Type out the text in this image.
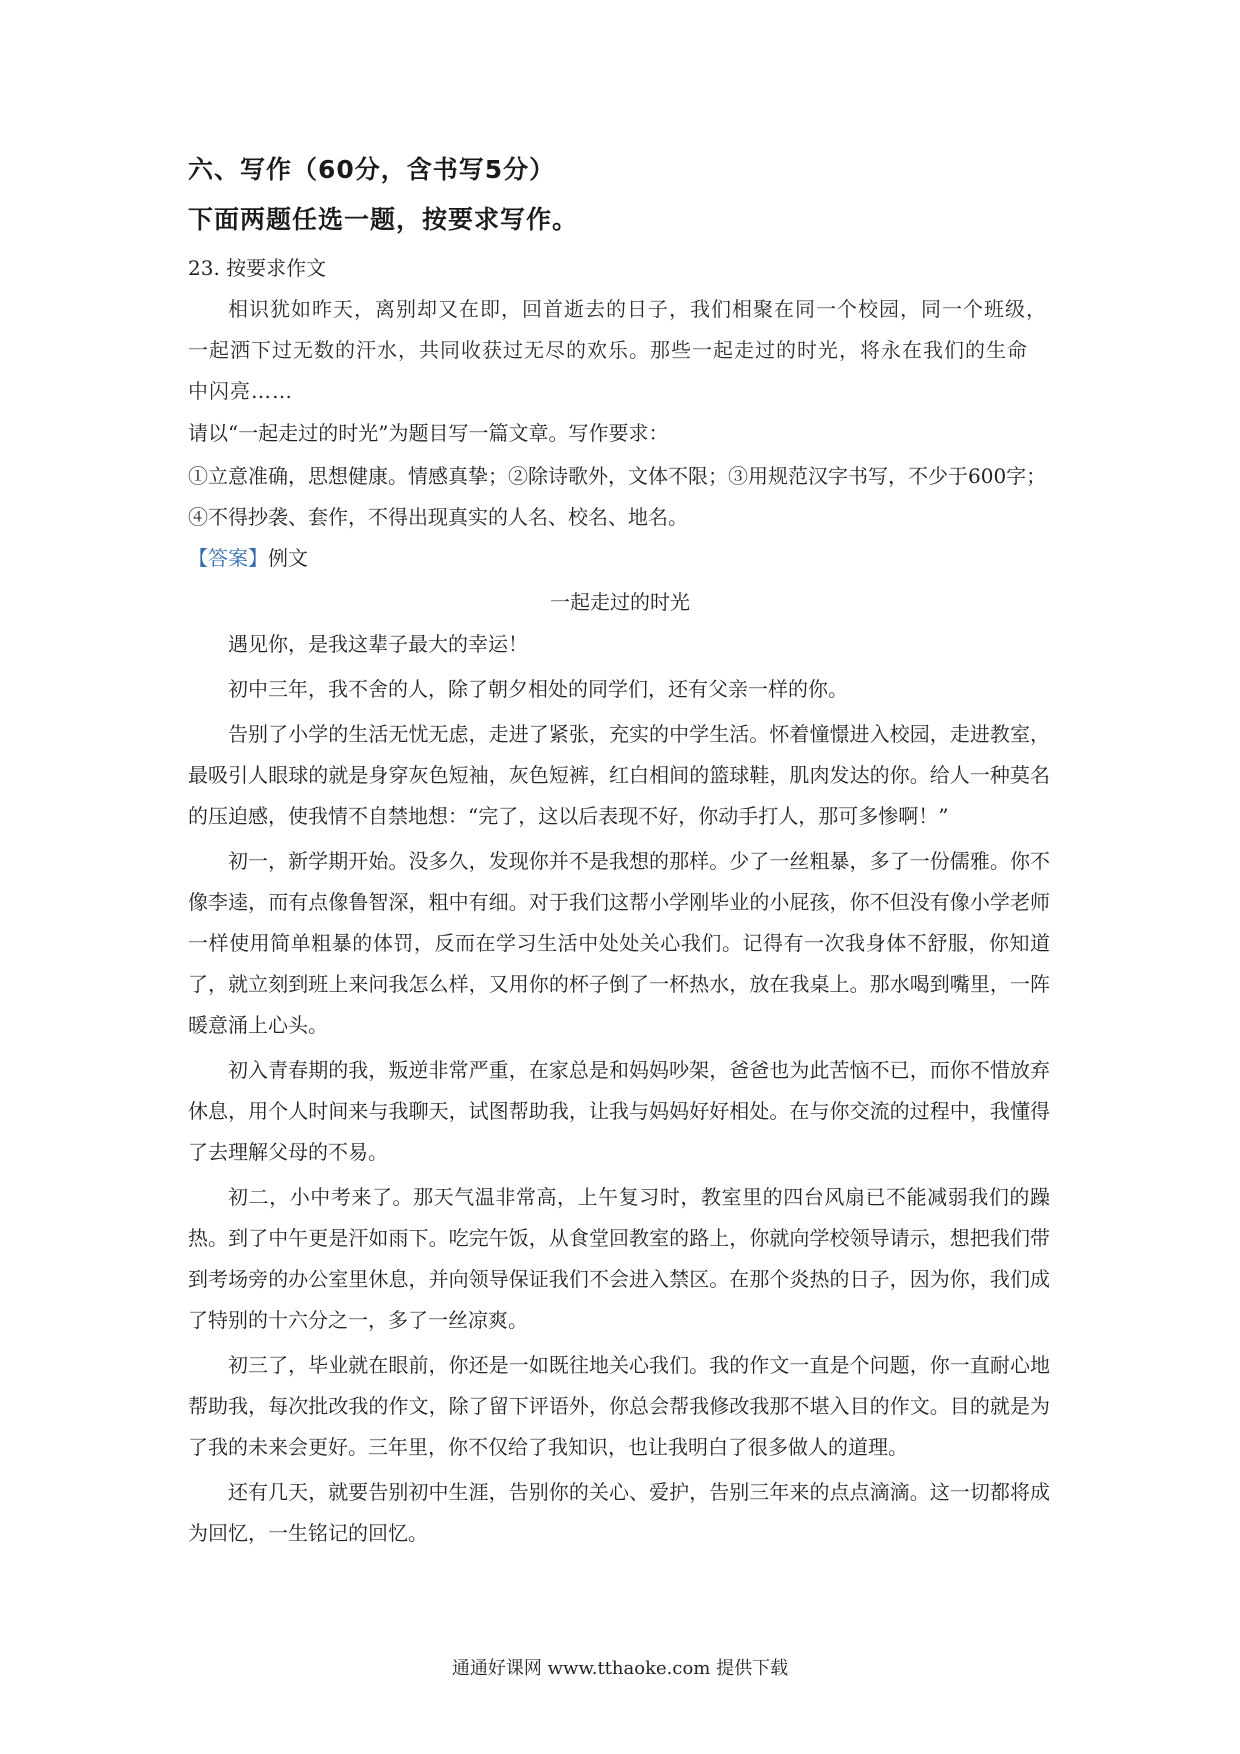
六、写作（60分，含书写5分）
下面两题任选一题，按要求写作。
23. 按要求作文
相识犹如昨天，离别却又在即，回首逝去的日子，我们相聚在同一个校园，同一个班级，一起洒下过无数的汗水，共同收获过无尽的欢乐。那些一起走过的时光，将永在我们的生命中闪亮……
请以“一起走过的时光”为题目写一篇文章。写作要求：
①立意准确，思想健康。情感真挚；②除诗歌外，文体不限；③用规范汉字书写，不少于600字；④不得抄袭、套作，不得出现真实的人名、校名、地名。
【答案】例文
一起走过的时光

遇见你，是我这辈子最大的幸运！

初中三年，我不舍的人，除了朝夕相处的同学们，还有父亲一样的你。

告别了小学的生活无忧无虑，走进了紧张，充实的中学生活。怀着憧憬进入校园，走进教室，最吸引人眼球的就是身穿灰色短袖，灰色短裤，红白相间的篮球鞋，肌肉发达的你。给人一种莫名的压迫感，使我情不自禁地想：“完了，这以后表现不好，你动手打人，那可多惨啊！”

初一，新学期开始。没多久，发现你并不是我想的那样。少了一丝粗暴，多了一份儒雅。你不像李逵，而有点像鲁智深，粗中有细。对于我们这帮小学刚毕业的小屁孩，你不但没有像小学老师一样使用简单粗暴的体罚，反而在学习生活中处处关心我们。记得有一次我身体不舒服，你知道了，就立刻到班上来问我怎么样，又用你的杯子倒了一杯热水，放在我桌上。那水喝到嘴里，一阵暖意涌上心头。

初入青春期的我，叛逆非常严重，在家总是和妈妈吵架，爸爸也为此苦恼不已，而你不惜放弃休息，用个人时间来与我聊天，试图帮助我，让我与妈妈好好相处。在与你交流的过程中，我懂得了去理解父母的不易。

初二，小中考来了。那天气温非常高，上午复习时，教室里的四台风扇已不能减弱我们的躁热。到了中午更是汗如雨下。吃完午饭，从食堂回教室的路上，你就向学校领导请示，想把我们带到考场旁的办公室里休息，并向领导保证我们不会进入禁区。在那个炎热的日子，因为你，我们成了特别的十六分之一，多了一丝凉爽。

初三了，毕业就在眼前，你还是一如既往地关心我们。我的作文一直是个问题，你一直耐心地帮助我，每次批改我的作文，除了留下评语外，你总会帮我修改我那不堪入目的作文。目的就是为了我的未来会更好。三年里，你不仅给了我知识，也让我明白了很多做人的道理。

还有几天，就要告别初中生涯，告别你的关心、爱护，告别三年来的点点滴滴。这一切都将成为回忆，一生铭记的回忆。

通通好课网 www.tthaoke.com 提供下载
